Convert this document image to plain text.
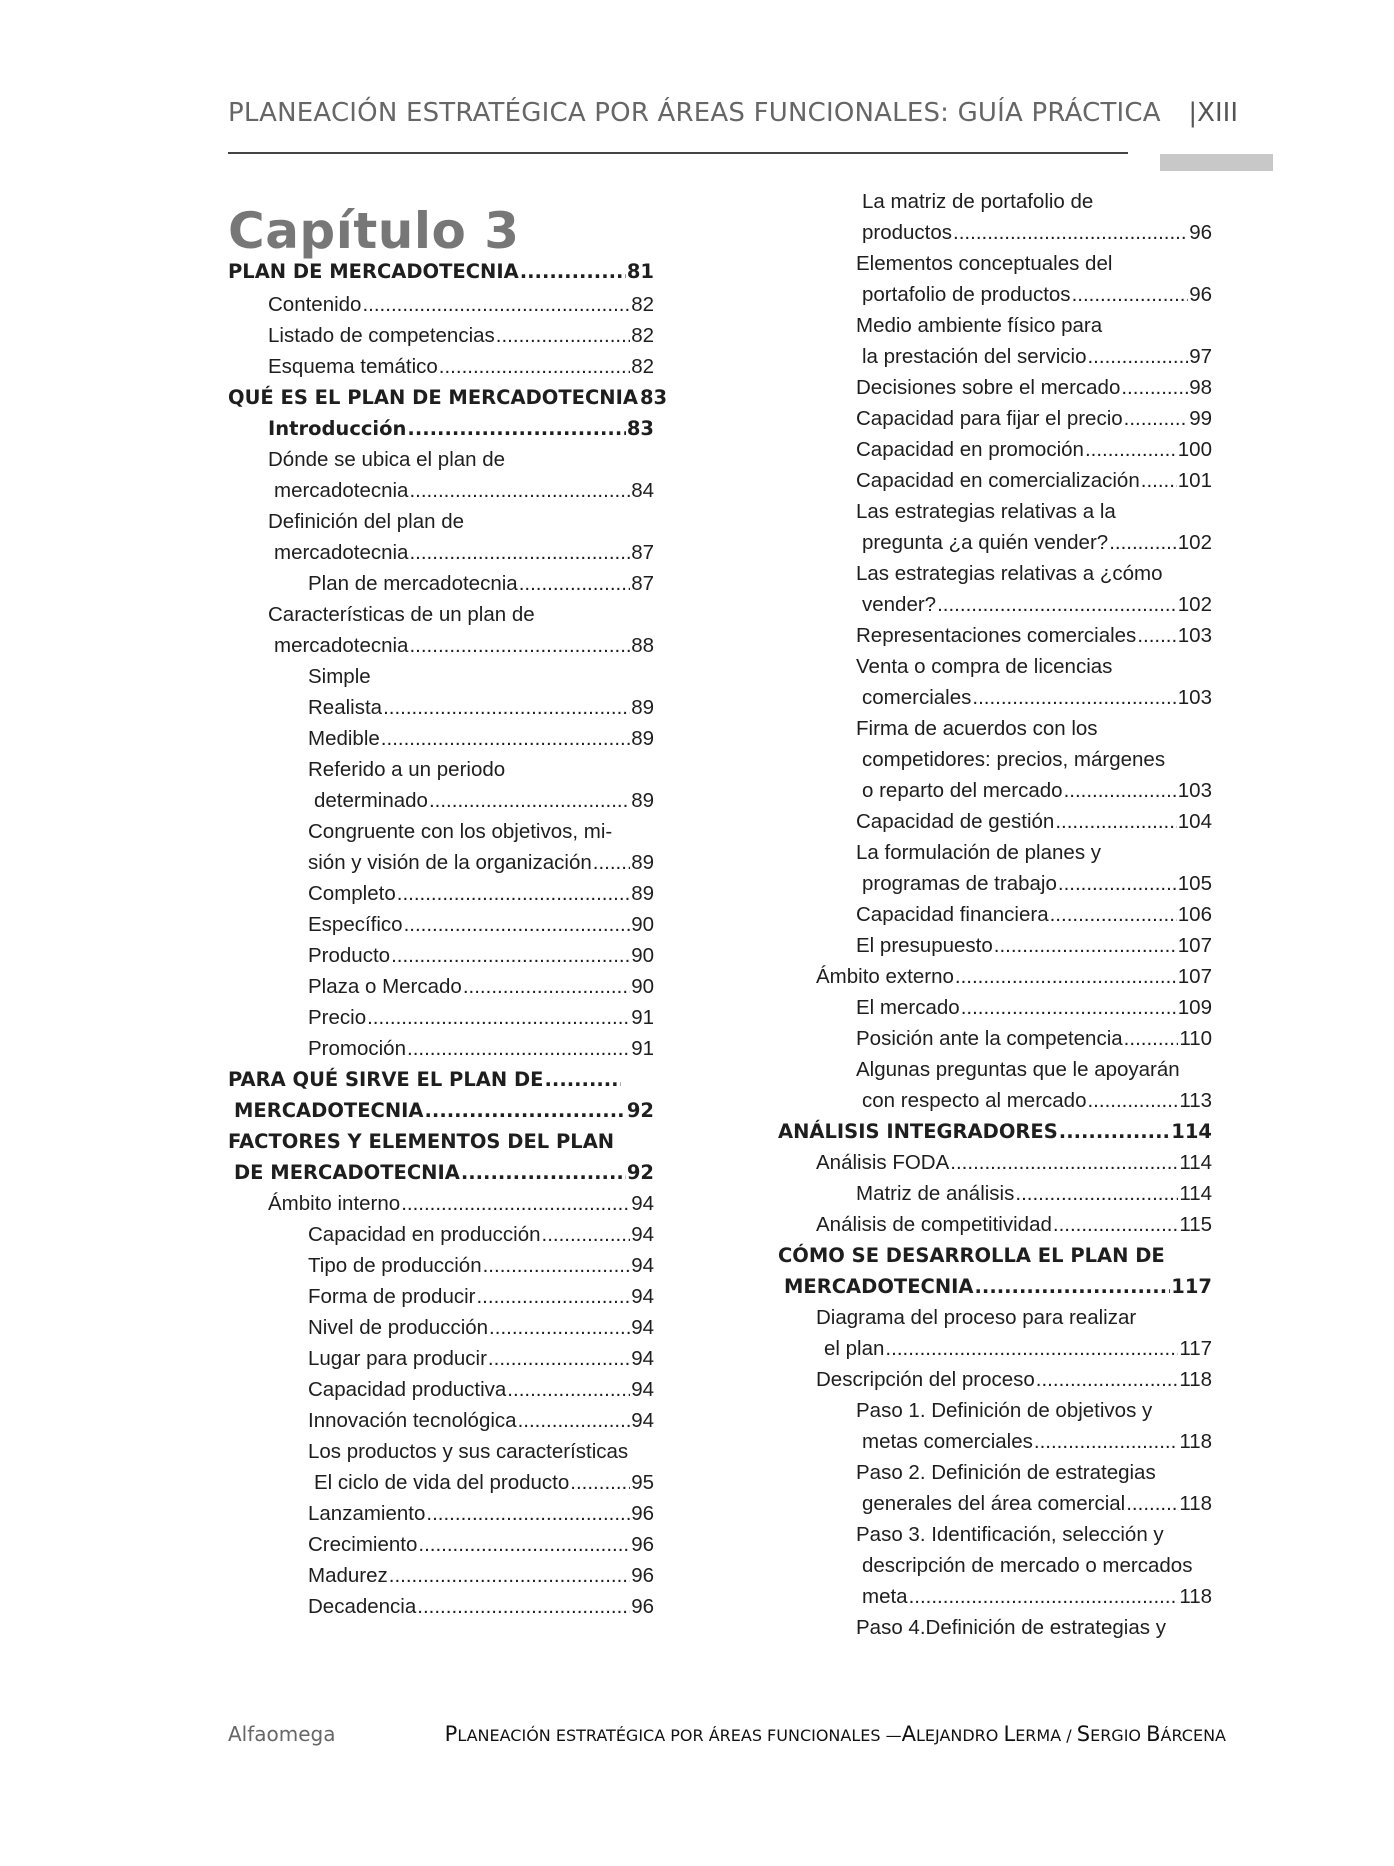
PLANEACIÓN ESTRATÉGICA POR ÁREAS FUNCIONALES: GUÍA PRÁCTICA |XIII
Capítulo 3
PLAN DE MERCADOTECNIA .....	81
Contenido .....	82
Listado de competencias .....	82
Esquema temático .....	82
QUÉ ES EL PLAN DE MERCADOTECNIA 83
Introducción .....	83
Dónde se ubica el plan de
mercadotecnia .....	84
Definición del plan de
mercadotecnia .....	87
Plan de mercadotecnia .....	87
Características de un plan de
mercadotecnia .....	88
Simple
Realista .....	89
Medible .....	89
Referido a un periodo
determinado .....	89
Congruente con los objetivos, mi-
sión y visión de la organización ..... 89
Completo .....	89
Específico .....	90
Producto .....	90
Plaza o Mercado .....	90
Precio .....	91
Promoción .....	91
PARA QUÉ SIRVE EL PLAN DE
.....
MERCADOTECNIA .....	92
FACTORES Y ELEMENTOS DEL PLAN
DE MERCADOTECNIA .....	92
Ámbito interno .....	94
Capacidad en producción .....	94
Tipo de producción .....	94
Forma de producir .....	94
Nivel de producción .....	94
Lugar para producir .....	94
Capacidad productiva .....	94
Innovación tecnológica .....	94
Los productos y sus características
El ciclo de vida del producto .....	95
Lanzamiento .....	96
Crecimiento .....	96
Madurez .....	96
Decadencia .....	96
La matriz de portafolio de
productos .....	96
Elementos conceptuales del
portafolio de productos .....	96
Medio ambiente físico para
la prestación del servicio .....	97
Decisiones sobre el mercado .....	98
Capacidad para fijar el precio .....	99
Capacidad en promoción .....	100
Capacidad en comercialización ..... 101
Las estrategias relativas a la
pregunta ¿a quién vender? .....	102
Las estrategias relativas a ¿cómo
vender? .....	102
Representaciones comerciales ..... 103
Venta o compra de licencias
comerciales .....	103
Firma de acuerdos con los
competidores: precios, márgenes
o reparto del mercado .....	103
Capacidad de gestión .....	104
La formulación de planes y
programas de trabajo .....	105
Capacidad financiera .....	106
El presupuesto .....	107
Ámbito externo .....	107
El mercado .....	109
Posición ante la competencia .....	110
Algunas preguntas que le apoyarán
con respecto al mercado .....	113
ANÁLISIS INTEGRADORES .....	114
Análisis FODA .....	114
Matriz de análisis .....	114
Análisis de competitividad .....	115
CÓMO SE DESARROLLA EL PLAN DE
MERCADOTECNIA .....	117
Diagrama del proceso para realizar
el plan .....	117
Descripción del proceso .....	118
Paso 1. Definición de objetivos y
metas comerciales .....	118
Paso 2. Definición de estrategias
generales del área comercial .....	118
Paso 3. Identificación, selección y
descripción de mercado o mercados
meta .....	118
Paso 4.Definición de estrategias y
Alfaomega	PLANEACIÓN ESTRATÉGICA POR ÁREAS FUNCIONALES —ALEJANDRO LERMA / SERGIO BÁRCENA
